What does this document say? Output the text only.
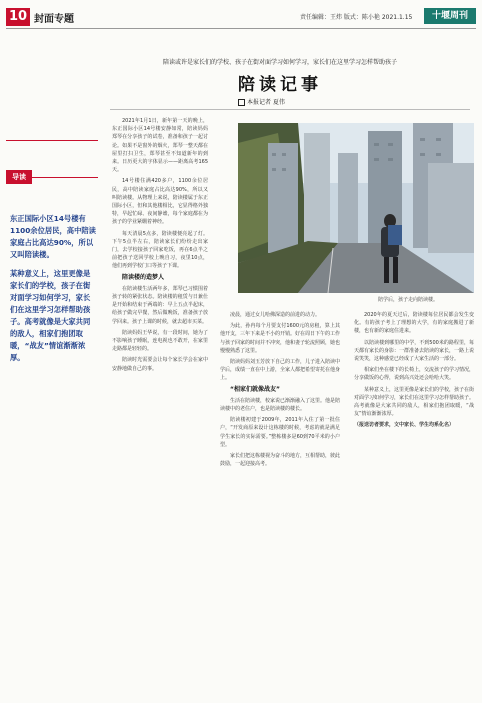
10 封面专题	责任编辑：王炜 版式：陈小艳 2021.1.15	十堰周刊
陪读或许是家长们的学校、孩子在街对面学习如何学习，家长们在这里学习怎样帮助孩子
陪读记事
本报记者 夏伟
导读
东正国际小区14号楼有1100余位居民，高中陪读家庭占比高达90%，所以又叫陪读楼。
某种意义上，这里更像是家长们的学校，孩子在街对面学习如何学习，家长们在这里学习怎样帮助孩子。高考就像是大家共同的敌人，相家们抱团取暖，“战友”情谊渐渐浓厚。

2021年1月1日，新年第一天的晚上，东正国际小区14号楼安静如常，陪读妈妈郑琴在分享孩子的试卷，准备和孩子一起讨论。如果不是窗外的烟火，郑琴一整天都在屋里打扫卫生，郑琴甚至不知道新年的到来。日历更大的字体显示——距离高考165天。

14号楼住满420多户，1100余位居民，高中陪读家庭占比高达90%，所以又叫陪读楼。从物理上来说，陪读楼属于东正国际小区，但和其他楼相比，它显得格外独特，早起忙碌、夜间静谧，每个家庭都在为孩子的学业紧绷着神经。

每天清晨5点多，陪读楼便亮起了灯。下午5点半左右，陪读家长们纷纷走出家门，去学校接孩子回家吃饭，再在6点半之前把孩子送回学校上晚自习，夜里10点，他们再到学校门口等孩子下课。

陪读楼的造梦人

在陪读楼生活两年多，郑琴已习惯围着孩子转的紧张状态。陪读楼的租赁与日兼仕是开始和结束于两端的：早上五点半起床，给孩子做完早餐，然后做晚饭，准备孩子放学回来。孩子上课的时候，就去超市买菜。

陪读妈妈王华说，有一段时间，她为了不影响孩子睡眠，连电视也不敢开，在家里走路都是轻轻的。

陪读时光需要会让每个家长学会在家中安静地做自己的事。

陪学后，孩子走向陪读楼。

凌晨，通过女儿哈佛深造的前进的动力。

为此，孙冉每个月要支付1600元的房租，算上其他开支，三年下来是不小的开销。好在周日下午的工作与孩子回家的时间并不冲突，他和妻子轮流照顾，她也慢慢熟悉了这里。

陪读妈妈刘玉芳放下自己的工作，儿子进入陪读中学后，成绩一直在中上游，全家人都把希望寄托在他身上。

“相家们就像战友”

生活在陪读楼，校家说已渐渐融入了这里。他是陪读楼中的老住户，也是陪读楼的楼长。

陪读楼初建于2009年，2011年入住了第一批住户，“开发商原来设计这栋楼的时候，考虑的就是满足学生家长的实际需要。”整栋楼多是60到70平米的小户型。

家长们把这栋楼视为奋斗的地方，互相帮助，彼此鼓励，一起迎接高考。

2020年的夏天过后，陪读楼每位居民都会发生变化。有的孩子考上了理想的大学，有的家庭搬进了新楼，也有新的家庭住进来。

以陪读楼到哪里的中学，不到500米的路程里，每天都有家长的身影：一群准备去陪读的家长，一路上说说笑笑，这种感觉已经成了大家生活的一部分。

相家们坐在楼下的长椅上，交流孩子的学习情况，分享做饭的心得，说到高兴处还会哈哈大笑。

某种意义上，这里更像是家长们的学校，孩子在街对面学习如何学习，家长们在这里学习怎样帮助孩子。高考就像是大家共同的敌人，相家们抱团取暖，“战友”情谊渐渐浓厚。

（报送访者要求，文中家长、学生均系化名）
